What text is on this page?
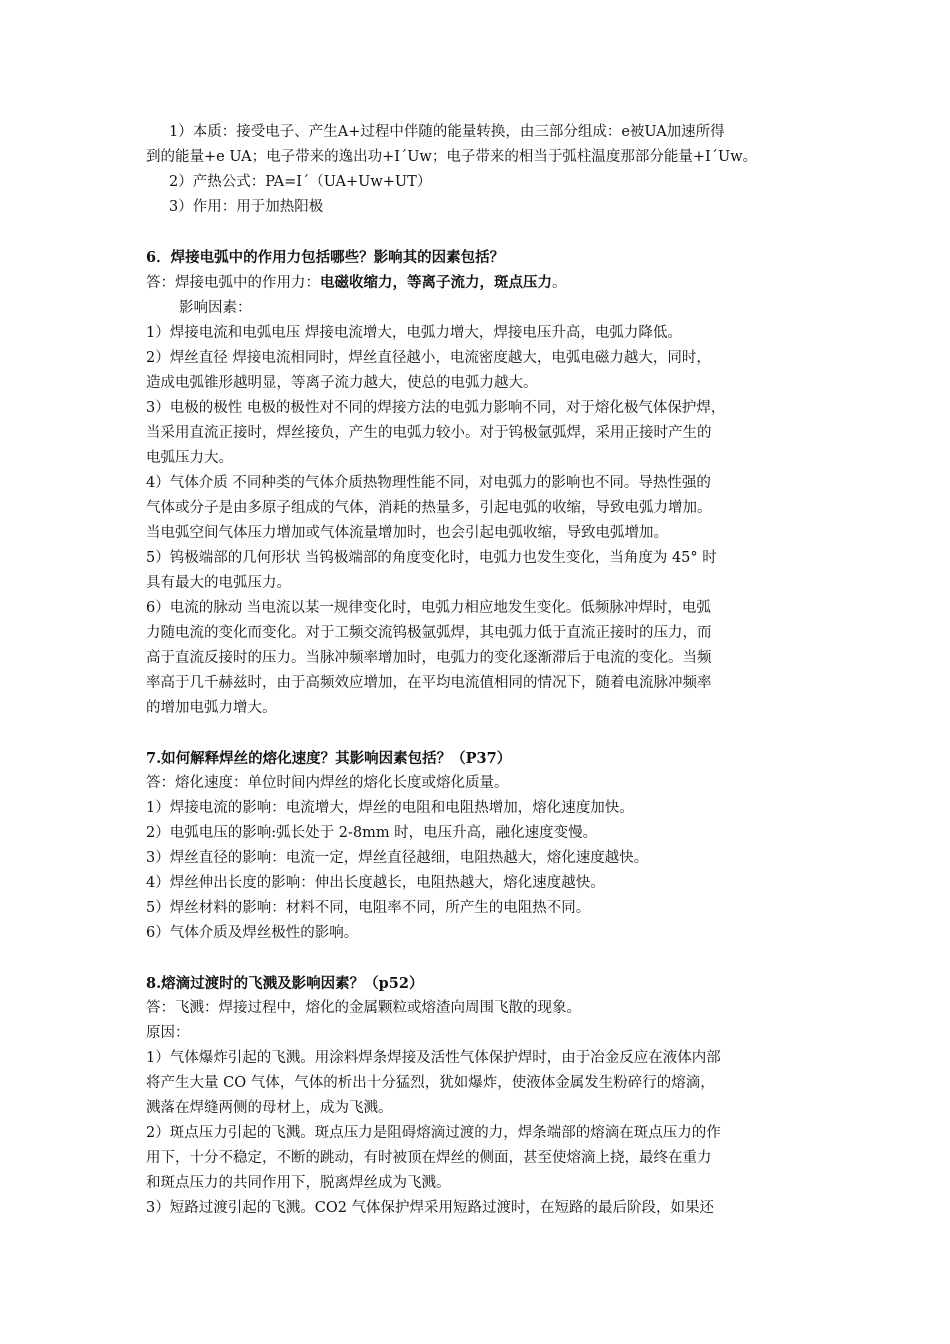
1）本质：接受电子、产生A+过程中伴随的能量转换，由三部分组成：e被UA加速所得

到的能量+e UA；电子带来的逸出功+IˊUw；电子带来的相当于弧柱温度那部分能量+IˊUw。

2）产热公式：PA=Iˊ（UA+Uw+UT）

3）作用：用于加热阳极

6．焊接电弧中的作用力包括哪些？影响其的因素包括？

答：焊接电弧中的作用力：电磁收缩力，等离子流力，斑点压力。

影响因素：

1）焊接电流和电弧电压 焊接电流增大，电弧力增大，焊接电压升高，电弧力降低。

2）焊丝直径 焊接电流相同时，焊丝直径越小，电流密度越大，电弧电磁力越大，同时，

造成电弧锥形越明显，等离子流力越大，使总的电弧力越大。

3）电极的极性 电极的极性对不同的焊接方法的电弧力影响不同，对于熔化极气体保护焊，

当采用直流正接时，焊丝接负，产生的电弧力较小。对于钨极氩弧焊，采用正接时产生的

电弧压力大。

4）气体介质 不同种类的气体介质热物理性能不同，对电弧力的影响也不同。导热性强的

气体或分子是由多原子组成的气体，消耗的热量多，引起电弧的收缩，导致电弧力增加。

当电弧空间气体压力增加或气体流量增加时，也会引起电弧收缩，导致电弧增加。

5）钨极端部的几何形状 当钨极端部的角度变化时，电弧力也发生变化，当角度为 45° 时

具有最大的电弧压力。

6）电流的脉动 当电流以某一规律变化时，电弧力相应地发生变化。低频脉冲焊时，电弧

力随电流的变化而变化。对于工频交流钨极氩弧焊，其电弧力低于直流正接时的压力，而

高于直流反接时的压力。当脉冲频率增加时，电弧力的变化逐渐滞后于电流的变化。当频

率高于几千赫兹时，由于高频效应增加，在平均电流值相同的情况下，随着电流脉冲频率

的增加电弧力增大。

7.如何解释焊丝的熔化速度？其影响因素包括？（P37）

答：熔化速度：单位时间内焊丝的熔化长度或熔化质量。

1）焊接电流的影响：电流增大，焊丝的电阻和电阻热增加，熔化速度加快。

2）电弧电压的影响:弧长处于 2-8mm 时，电压升高，融化速度变慢。

3）焊丝直径的影响：电流一定，焊丝直径越细，电阻热越大，熔化速度越快。

4）焊丝伸出长度的影响：伸出长度越长，电阻热越大，熔化速度越快。

5）焊丝材料的影响：材料不同，电阻率不同，所产生的电阻热不同。

6）气体介质及焊丝极性的影响。

8.熔滴过渡时的飞溅及影响因素？（p52）

答：飞溅：焊接过程中，熔化的金属颗粒或熔渣向周围飞散的现象。

原因：

1）气体爆炸引起的飞溅。用涂料焊条焊接及活性气体保护焊时，由于冶金反应在液体内部

将产生大量 CO 气体，气体的析出十分猛烈，犹如爆炸，使液体金属发生粉碎行的熔滴，

溅落在焊缝两侧的母材上，成为飞溅。

2）斑点压力引起的飞溅。斑点压力是阻碍熔滴过渡的力，焊条端部的熔滴在斑点压力的作

用下，十分不稳定，不断的跳动，有时被顶在焊丝的侧面，甚至使熔滴上挠，最终在重力

和斑点压力的共同作用下，脱离焊丝成为飞溅。

3）短路过渡引起的飞溅。CO2 气体保护焊采用短路过渡时，在短路的最后阶段，如果还
